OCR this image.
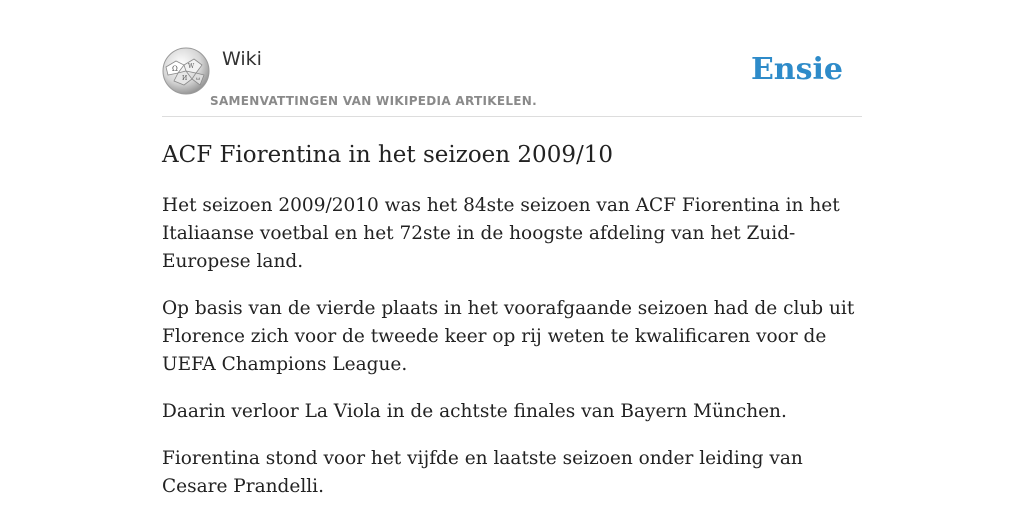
Ω W
И ω
Wiki
SAMENVATTINGEN VAN WIKIPEDIA ARTIKELEN.
Ensie
ACF Fiorentina in het seizoen 2009/10

Het seizoen 2009/2010 was het 84ste seizoen van ACF Fiorentina in het Italiaanse voetbal en het 72ste in de hoogste afdeling van het Zuid-Europese land.

Op basis van de vierde plaats in het voorafgaande seizoen had de club uit Florence zich voor de tweede keer op rij weten te kwalificaren voor de UEFA Champions League.

Daarin verloor La Viola in de achtste finales van Bayern München.

Fiorentina stond voor het vijfde en laatste seizoen onder leiding van Cesare Prandelli.
